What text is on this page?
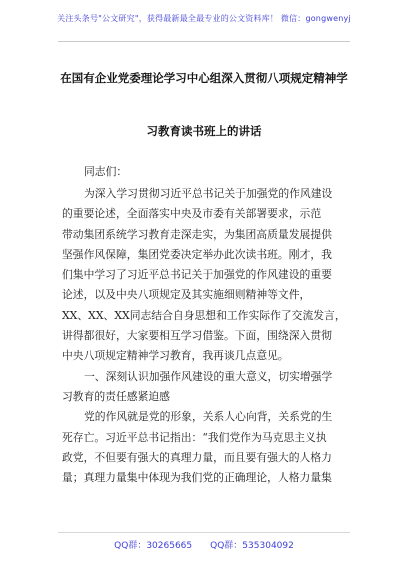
关注头条号"公文研究"，获得最新最全最专业的公文资料库！ 微信：gongwenyj
在国有企业党委理论学习中心组深入贯彻八项规定精神学
习教育读书班上的讲话
同志们：
为深入学习贯彻习近平总书记关于加强党的作风建设
的重要论述，全面落实中央及市委有关部署要求，示范
带动集团系统学习教育走深走实，为集团高质量发展提供
坚强作风保障，集团党委决定举办此次读书班。刚才，我
们集中学习了习近平总书记关于加强党的作风建设的重要
论述，以及中央八项规定及其实施细则精神等文件，
XX、XX、XX同志结合自身思想和工作实际作了交流发言，
讲得都很好，大家要相互学习借鉴。下面，围绕深入贯彻
中央八项规定精神学习教育，我再谈几点意见。
一、深刻认识加强作风建设的重大意义，切实增强学
习教育的责任感紧迫感
党的作风就是党的形象，关系人心向背，关系党的生
死存亡。习近平总书记指出：“我们党作为马克思主义执
政党，不但要有强大的真理力量，而且要有强大的人格力
量；真理力量集中体现为我们党的正确理论，人格力量集
QQ群：30265665 QQ群：535304092
